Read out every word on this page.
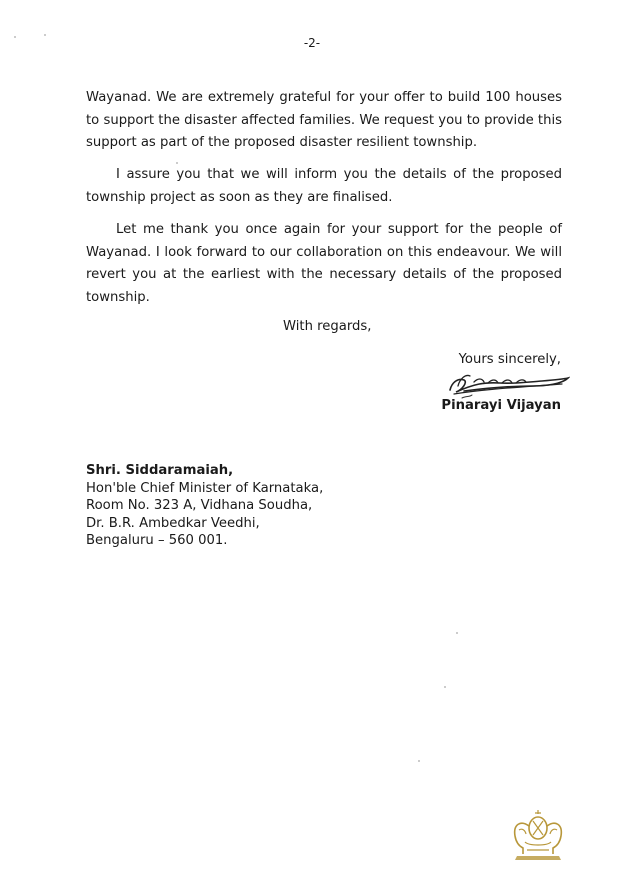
-2-

Wayanad. We are extremely grateful for your offer to build 100 houses to support the disaster affected families. We request you to provide this support as part of the proposed disaster resilient township.

I assure you that we will inform you the details of the proposed township project as soon as they are finalised.

Let me thank you once again for your support for the people of Wayanad. I look forward to our collaboration on this endeavour. We will revert you at the earliest with the necessary details of the proposed township.

With regards,
Yours sincerely,
Pinarayi Vijayan
Shri. Siddaramaiah,
Hon'ble Chief Minister of Karnataka,
Room No. 323 A, Vidhana Soudha,
Dr. B.R. Ambedkar Veedhi,
Bengaluru – 560 001.
